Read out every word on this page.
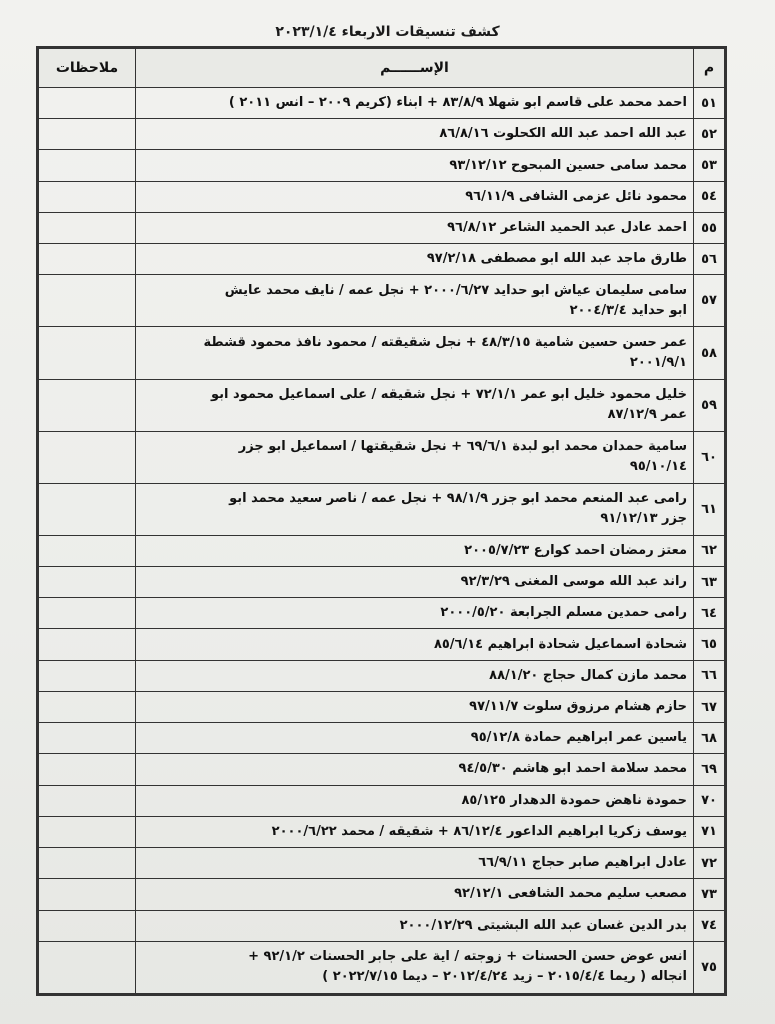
كشف تنسيقات الاربعاء ٢٠٢٣/١/٤
م	الإســــــم	ملاحظات
٥١	احمد محمد على قاسم ابو شهلا ٨٣/٨/٩ + ابناء (كريم ٢٠٠٩ – انس ٢٠١١ )	
٥٢	عبد الله احمد عبد الله الكحلوت ٨٦/٨/١٦	
٥٣	محمد سامى حسين المبحوح ٩٣/١٢/١٢	
٥٤	محمود نائل عزمى الشافى ٩٦/١١/٩	
٥٥	احمد عادل عبد الحميد الشاعر ٩٦/٨/١٢	
٥٦	طارق ماجد عبد الله ابو مصطفى ٩٧/٢/١٨	
٥٧	سامى سليمان عياش ابو حدايد ٢٠٠٠/٦/٢٧ + نجل عمه / نايف محمد عايش
ابو حدايد ٢٠٠٤/٣/٤	
٥٨	عمر حسن حسين شامية ٤٨/٣/١٥ + نجل شقيقته / محمود نافذ محمود قشطة
٢٠٠١/٩/١	
٥٩	خليل محمود خليل ابو عمر ٧٢/١/١ + نجل شقيقه / على اسماعيل محمود ابو
عمر ٨٧/١٢/٩	
٦٠	سامية حمدان محمد ابو لبدة ٦٩/٦/١ + نجل شقيقتها / اسماعيل ابو جزر
٩٥/١٠/١٤	
٦١	رامى عبد المنعم محمد ابو جزر ٩٨/١/٩ + نجل عمه / ناصر سعيد محمد ابو
جزر ٩١/١٢/١٣	
٦٢	معتز رمضان احمد كوارع ٢٠٠٥/٧/٢٣	
٦٣	راند عبد الله موسى المغنى ٩٢/٣/٢٩	
٦٤	رامى حمدين مسلم الجرابعة ٢٠٠٠/٥/٢٠	
٦٥	شحادة اسماعيل شحادة ابراهيم ٨٥/٦/١٤	
٦٦	محمد مازن كمال حجاج ٨٨/١/٢٠	
٦٧	حازم هشام مرزوق سلوت ٩٧/١١/٧	
٦٨	ياسين عمر ابراهيم حمادة ٩٥/١٢/٨	
٦٩	محمد سلامة احمد ابو هاشم ٩٤/٥/٣٠	
٧٠	حمودة ناهض حمودة الدهدار ٨٥/١٢٥	
٧١	يوسف زكريا ابراهيم الداعور ٨٦/١٢/٤ + شقيقه / محمد ٢٠٠٠/٦/٢٢	
٧٢	عادل ابراهيم صابر حجاج ٦٦/٩/١١	
٧٣	مصعب سليم محمد الشافعى ٩٢/١٢/١	
٧٤	بدر الدين غسان عبد الله البشيتى ٢٠٠٠/١٢/٢٩	
٧٥	انس عوض حسن الحسنات + زوجته / اية على جابر الحسنات ٩٢/١/٢ +
انجاله ( ريما ٢٠١٥/٤/٤ – زيد ٢٠١٢/٤/٢٤ – ديما ٢٠٢٢/٧/١٥ )	
